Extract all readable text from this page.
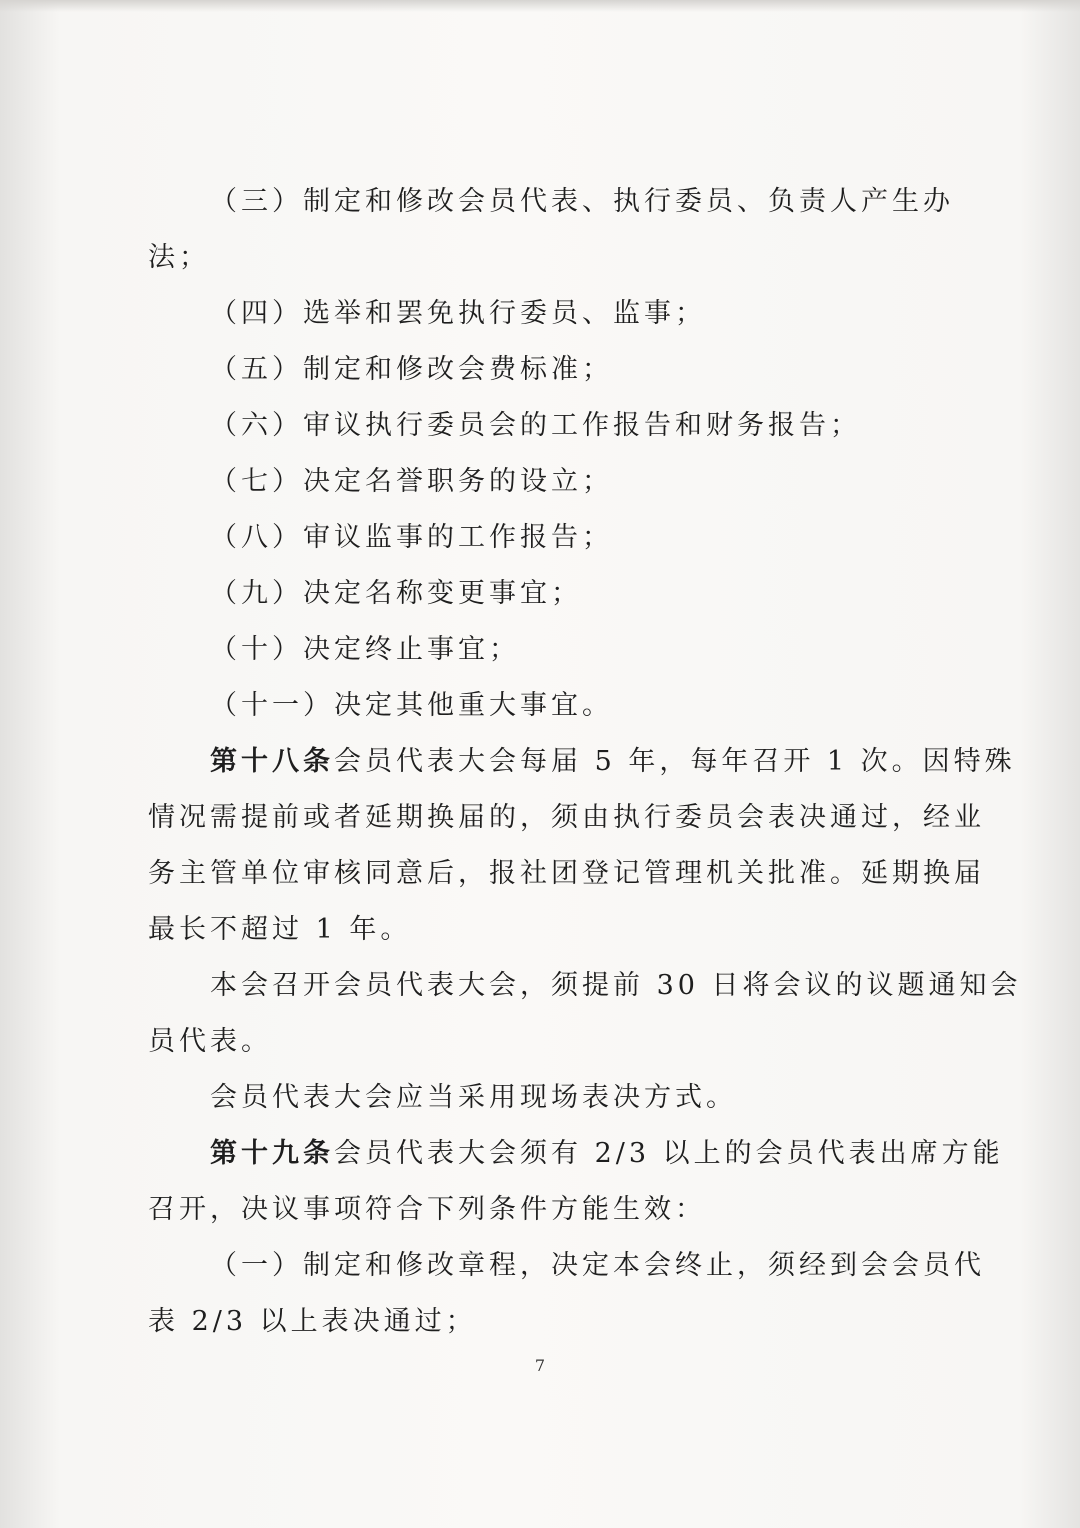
（三）制定和修改会员代表、执行委员、负责人产生办

法；

（四）选举和罢免执行委员、监事；

（五）制定和修改会费标准；

（六）审议执行委员会的工作报告和财务报告；

（七）决定名誉职务的设立；

（八）审议监事的工作报告；

（九）决定名称变更事宜；

（十）决定终止事宜；

（十一）决定其他重大事宜。

第十八条会员代表大会每届 5 年，每年召开 1 次。因特殊

情况需提前或者延期换届的，须由执行委员会表决通过，经业

务主管单位审核同意后，报社团登记管理机关批准。延期换届

最长不超过 1 年。

本会召开会员代表大会，须提前 30 日将会议的议题通知会

员代表。

会员代表大会应当采用现场表决方式。

第十九条会员代表大会须有 2/3 以上的会员代表出席方能

召开，决议事项符合下列条件方能生效：

（一）制定和修改章程，决定本会终止，须经到会会员代

表 2/3 以上表决通过；

7
